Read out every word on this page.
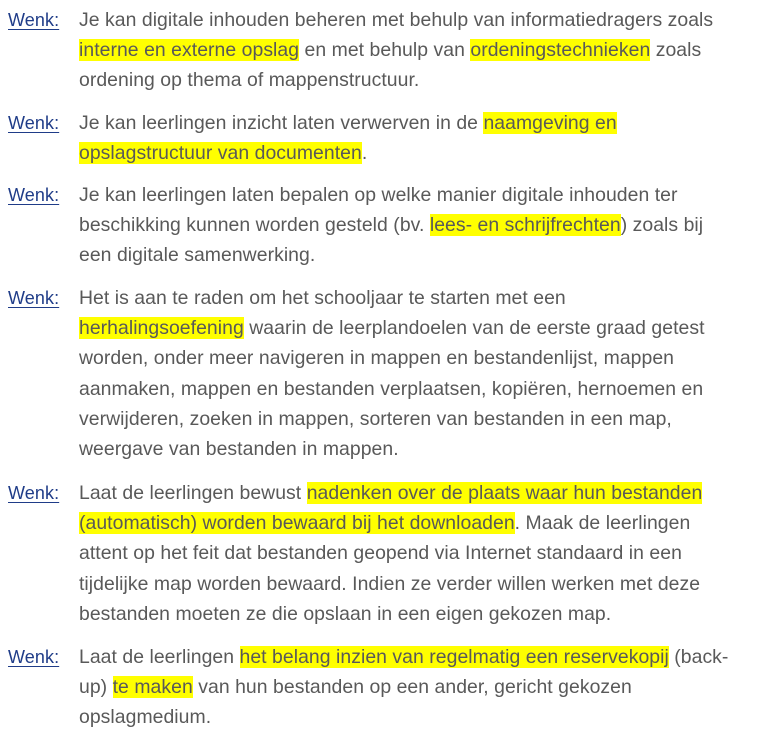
Wenk: Je kan digitale inhouden beheren met behulp van informatiedragers zoals
interne en externe opslag en met behulp van ordeningstechnieken zoals
ordening op thema of mappenstructuur.
Wenk: Je kan leerlingen inzicht laten verwerven in de naamgeving en
opslagstructuur van documenten.
Wenk: Je kan leerlingen laten bepalen op welke manier digitale inhouden ter
beschikking kunnen worden gesteld (bv. lees- en schrijfrechten) zoals bij
een digitale samenwerking.
Wenk: Het is aan te raden om het schooljaar te starten met een
herhalingsoefening waarin de leerplandoelen van de eerste graad getest
worden, onder meer navigeren in mappen en bestandenlijst, mappen
aanmaken, mappen en bestanden verplaatsen, kopiëren, hernoemen en
verwijderen, zoeken in mappen, sorteren van bestanden in een map,
weergave van bestanden in mappen.
Wenk: Laat de leerlingen bewust nadenken over de plaats waar hun bestanden
(automatisch) worden bewaard bij het downloaden. Maak de leerlingen
attent op het feit dat bestanden geopend via Internet standaard in een
tijdelijke map worden bewaard. Indien ze verder willen werken met deze
bestanden moeten ze die opslaan in een eigen gekozen map.
Wenk: Laat de leerlingen het belang inzien van regelmatig een reservekopij (back-
up) te maken van hun bestanden op een ander, gericht gekozen
opslagmedium.
